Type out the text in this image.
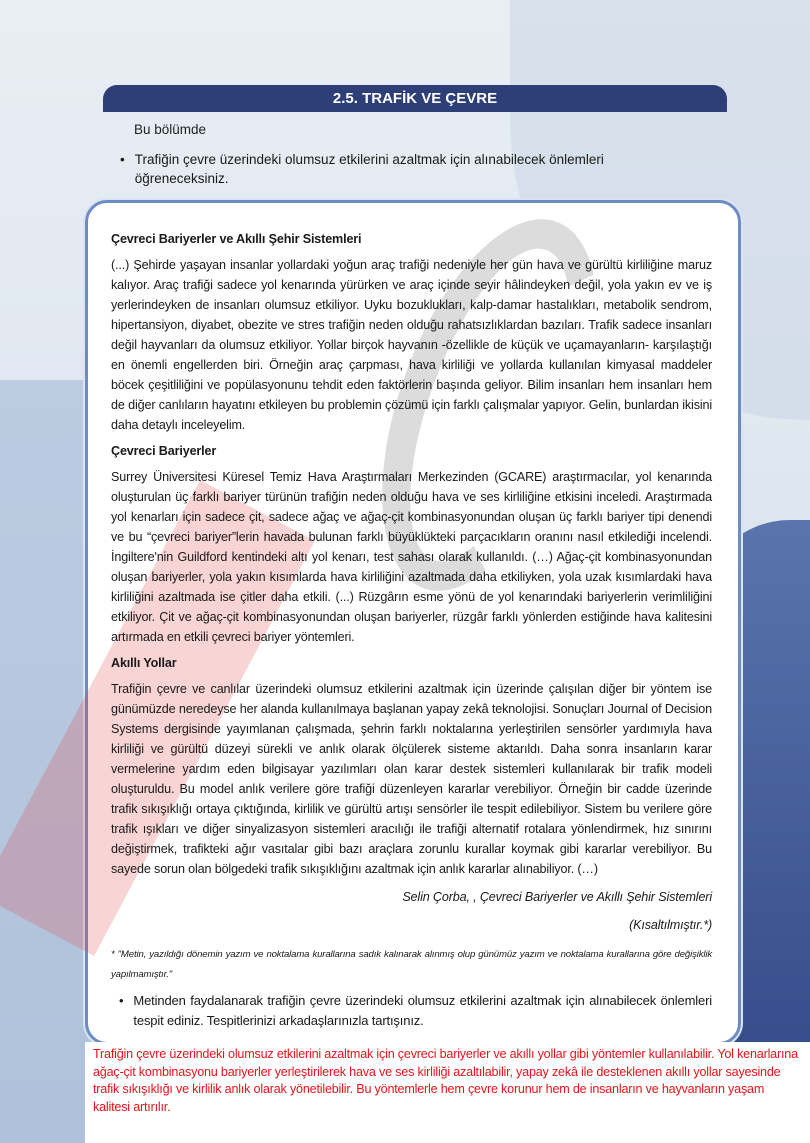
2.5. TRAFİK VE ÇEVRE
Bu bölümde
• Trafiğin çevre üzerindeki olumsuz etkilerini azaltmak için alınabilecek önlemleri öğreneceksiniz.
Çevreci Bariyerler ve Akıllı Şehir Sistemleri

(...) Şehirde yaşayan insanlar yollardaki yoğun araç trafiği nedeniyle her gün hava ve gürültü kirliliğine maruz kalıyor. Araç trafiği sadece yol kenarında yürürken ve araç içinde seyir hâlindeyken değil, yola yakın ev ve iş yerlerindeyken de insanları olumsuz etkiliyor. Uyku bozuklukları, kalp-damar hastalıkları, metabolik sendrom, hipertansiyon, diyabet, obezite ve stres trafiğin neden olduğu rahatsızlıklardan bazıları. Trafik sadece insanları değil hayvanları da olumsuz etkiliyor. Yollar birçok hayvanın -özellikle de küçük ve uçamayanların- karşılaştığı en önemli engellerden biri. Örneğin araç çarpması, hava kirliliği ve yollarda kullanılan kimyasal maddeler böcek çeşitliliğini ve popülasyonunu tehdit eden faktörlerin başında geliyor. Bilim insanları hem insanları hem de diğer canlıların hayatını etkileyen bu problemin çözümü için farklı çalışmalar yapıyor. Gelin, bunlardan ikisini daha detaylı inceleyelim.

Çevreci Bariyerler

Surrey Üniversitesi Küresel Temiz Hava Araştırmaları Merkezinden (GCARE) araştırmacılar, yol kenarında oluşturulan üç farklı bariyer türünün trafiğin neden olduğu hava ve ses kirliliğine etkisini inceledi. Araştırmada yol kenarları için sadece çit, sadece ağaç ve ağaç-çit kombinasyonundan oluşan üç farklı bariyer tipi denendi ve bu “çevreci bariyer”lerin havada bulunan farklı büyüklükteki parçacıkların oranını nasıl etkilediği incelendi. İngiltere'nin Guildford kentindeki altı yol kenarı, test sahası olarak kullanıldı. (…) Ağaç-çit kombinasyonundan oluşan bariyerler, yola yakın kısımlarda hava kirliliğini azaltmada daha etkiliyken, yola uzak kısımlardaki hava kirliliğini azaltmada ise çitler daha etkili. (...) Rüzgârın esme yönü de yol kenarındaki bariyerlerin verimliliğini etkiliyor. Çit ve ağaç-çit kombinasyonundan oluşan bariyerler, rüzgâr farklı yönlerden estiğinde hava kalitesini artırmada en etkili çevreci bariyer yöntemleri.

Akıllı Yollar

Trafiğin çevre ve canlılar üzerindeki olumsuz etkilerini azaltmak için üzerinde çalışılan diğer bir yöntem ise günümüzde neredeyse her alanda kullanılmaya başlanan yapay zekâ teknolojisi. Sonuçları Journal of Decision Systems dergisinde yayımlanan çalışmada, şehrin farklı noktalarına yerleştirilen sensörler yardımıyla hava kirliliği ve gürültü düzeyi sürekli ve anlık olarak ölçülerek sisteme aktarıldı. Daha sonra insanların karar vermelerine yardım eden bilgisayar yazılımları olan karar destek sistemleri kullanılarak bir trafik modeli oluşturuldu. Bu model anlık verilere göre trafiği düzenleyen kararlar verebiliyor. Örneğin bir cadde üzerinde trafik sıkışıklığı ortaya çıktığında, kirlilik ve gürültü artışı sensörler ile tespit edilebiliyor. Sistem bu verilere göre trafik ışıkları ve diğer sinyalizasyon sistemleri aracılığı ile trafiği alternatif rotalara yönlendirmek, hız sınırını değiştirmek, trafikteki ağır vasıtalar gibi bazı araçlara zorunlu kurallar koymak gibi kararlar verebiliyor. Bu sayede sorun olan bölgedeki trafik sıkışıklığını azaltmak için anlık kararlar alınabiliyor. (…)

Selin Çorba, , Çevreci Bariyerler ve Akıllı Şehir Sistemleri
(Kısaltılmıştır.*)
* "Metin, yazıldığı dönemin yazım ve noktalama kurallarına sadık kalınarak alınmış olup günümüz yazım ve noktalama kurallarına göre değişiklik yapılmamıştır."
• Metinden faydalanarak trafiğin çevre üzerindeki olumsuz etkilerini azaltmak için alınabilecek önlemleri tespit ediniz. Tespitlerinizi arkadaşlarınızla tartışınız.
Trafiğin çevre üzerindeki olumsuz etkilerini azaltmak için çevreci bariyerler ve akıllı yollar gibi yöntemler kullanılabilir. Yol kenarlarına ağaç-çit kombinasyonu bariyerler yerleştirilerek hava ve ses kirliliği azaltılabilir, yapay zekâ ile desteklenen akıllı yollar sayesinde trafik sıkışıklığı ve kirlilik anlık olarak yönetilebilir. Bu yöntemlerle hem çevre korunur hem de insanların ve hayvanların yaşam kalitesi artırılır.
